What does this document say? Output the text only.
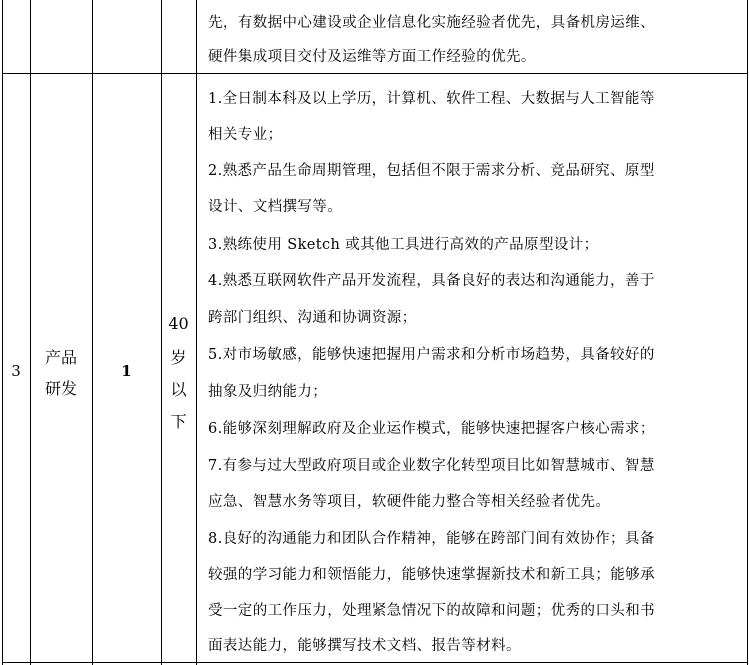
先，有数据中心建设或企业信息化实施经验者优先，具备机房运维、
硬件集成项目交付及运维等方面工作经验的优先。
3
产品
研发
1
40
岁
以
下
1.全日制本科及以上学历，计算机、软件工程、大数据与人工智能等
相关专业；
2.熟悉产品生命周期管理，包括但不限于需求分析、竞品研究、原型
设计、文档撰写等。
3.熟练使用 Sketch 或其他工具进行高效的产品原型设计；
4.熟悉互联网软件产品开发流程，具备良好的表达和沟通能力，善于
跨部门组织、沟通和协调资源；
5.对市场敏感，能够快速把握用户需求和分析市场趋势，具备较好的
抽象及归纳能力；
6.能够深刻理解政府及企业运作模式，能够快速把握客户核心需求；
7.有参与过大型政府项目或企业数字化转型项目比如智慧城市、智慧
应急、智慧水务等项目，软硬件能力整合等相关经验者优先。
8.良好的沟通能力和团队合作精神，能够在跨部门间有效协作；具备
较强的学习能力和领悟能力，能够快速掌握新技术和新工具；能够承
受一定的工作压力，处理紧急情况下的故障和问题；优秀的口头和书
面表达能力，能够撰写技术文档、报告等材料。
